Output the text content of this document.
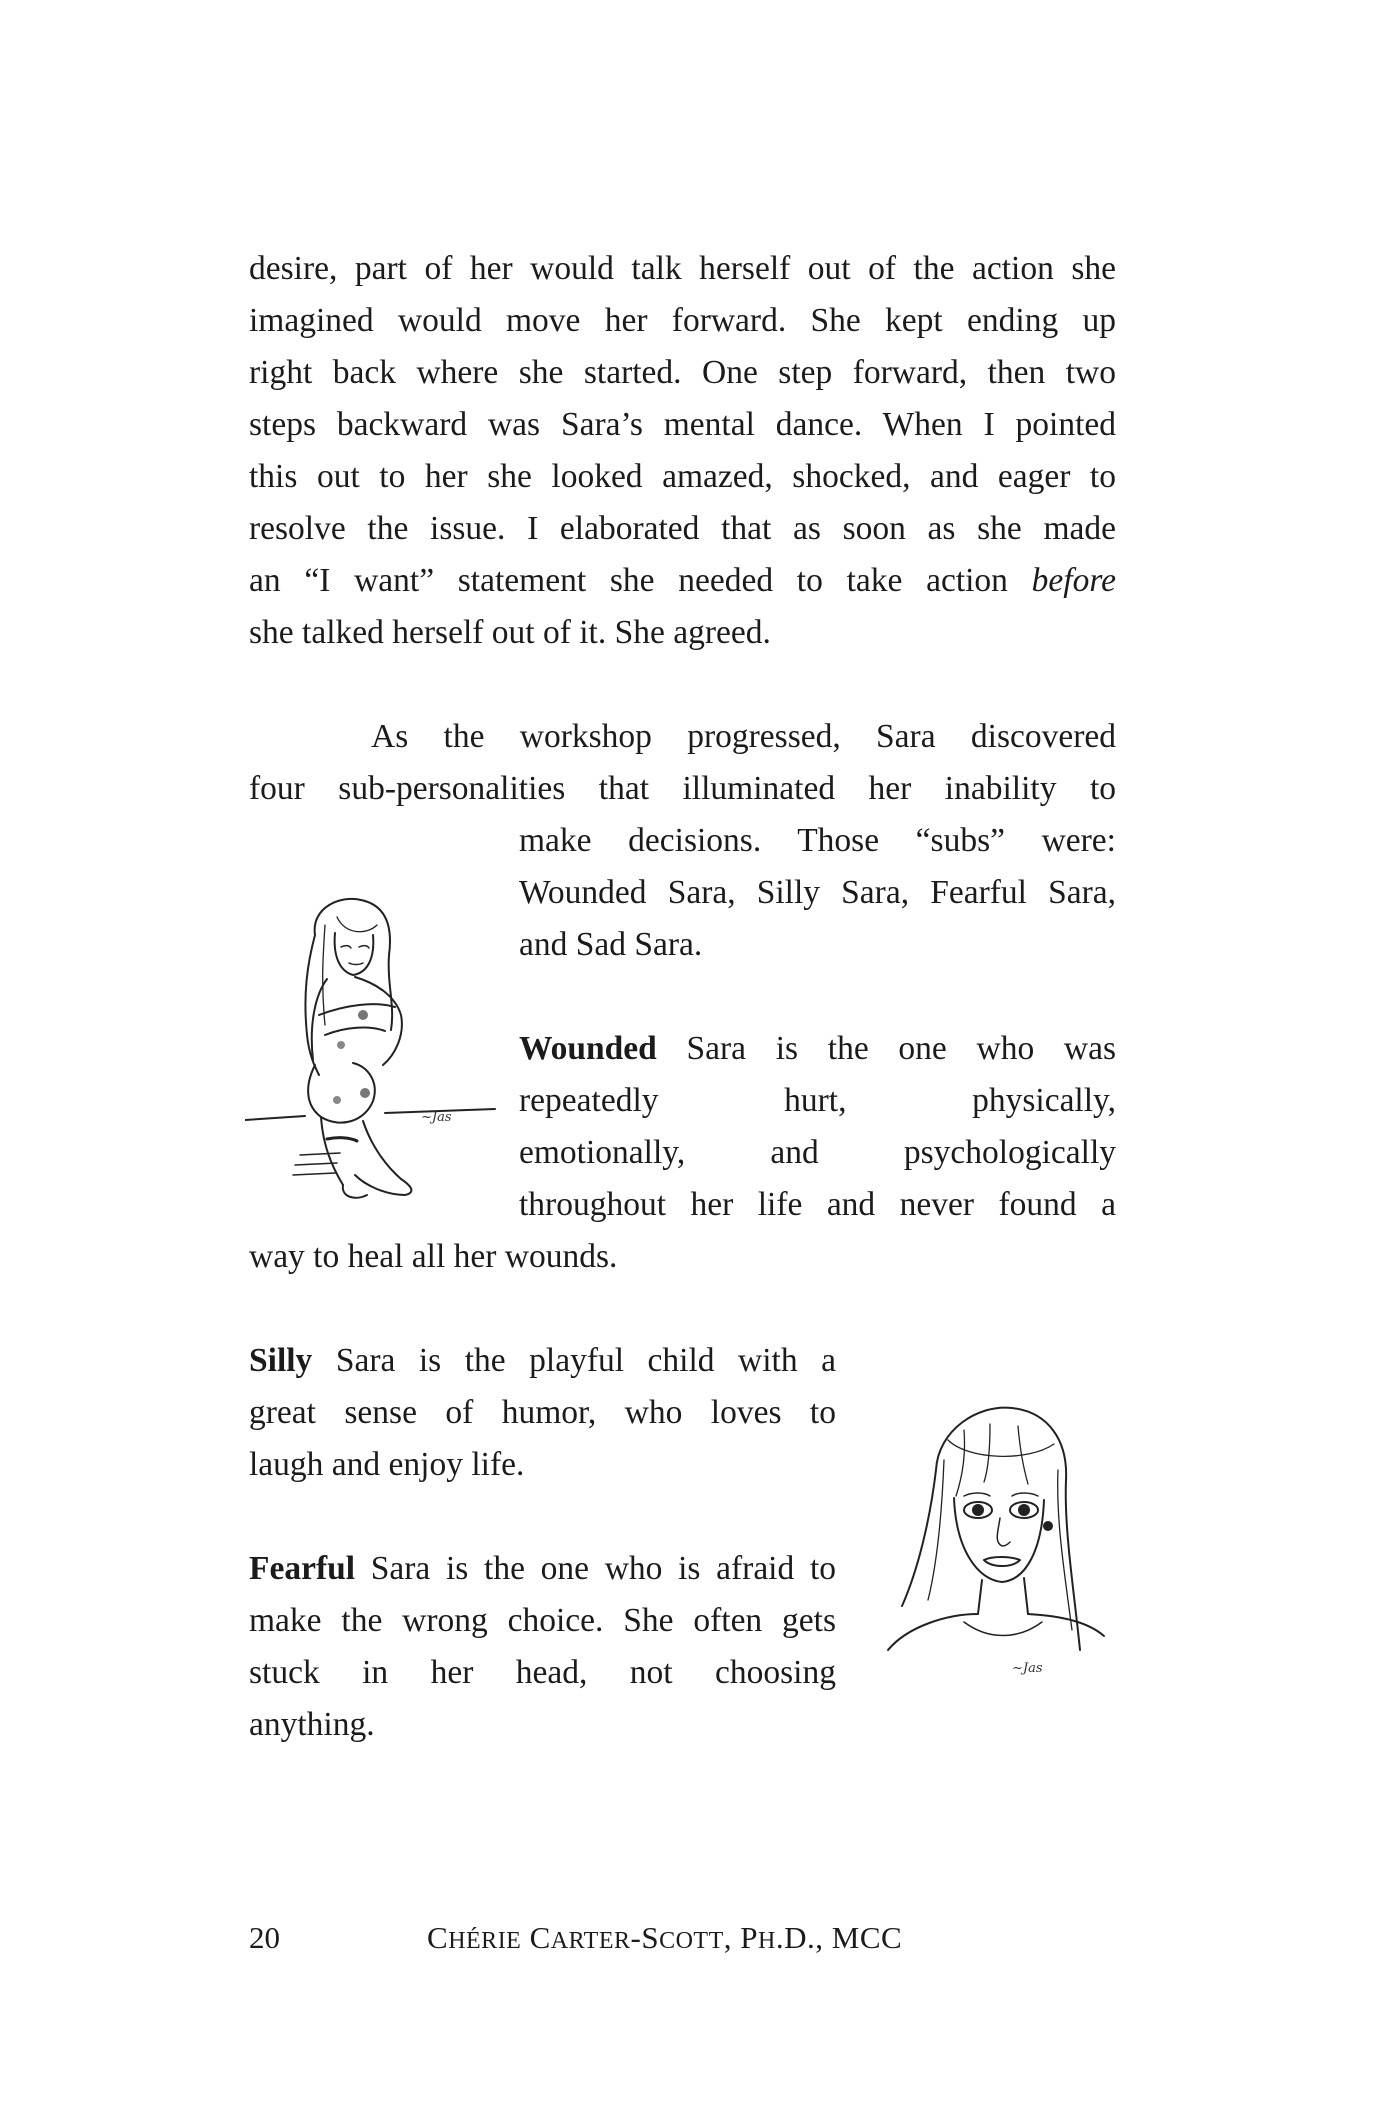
desire, part of her would talk herself out of the action she

imagined would move her forward. She kept ending up

right back where she started. One step forward, then two

steps backward was Sara’s mental dance. When I pointed

this out to her she looked amazed, shocked, and eager to

resolve the issue. I elaborated that as soon as she made

an “I want” statement she needed to take action before

she talked herself out of it. She agreed.

As the workshop progressed, Sara discovered

four sub-personalities that illuminated her inability to

make decisions. Those “subs” were:

Wounded Sara, Silly Sara, Fearful Sara,

and Sad Sara.

Wounded Sara is the one who was

repeatedly hurt, physically,

emotionally, and psychologically

throughout her life and never found a

way to heal all her wounds.

Silly Sara is the playful child with a

great sense of humor, who loves to

laugh and enjoy life.

Fearful Sara is the one who is afraid to

make the wrong choice. She often gets

stuck in her head, not choosing

anything.

~Jas
~Jas
20	CHÉRIE CARTER-SCOTT, PH.D., MCC
